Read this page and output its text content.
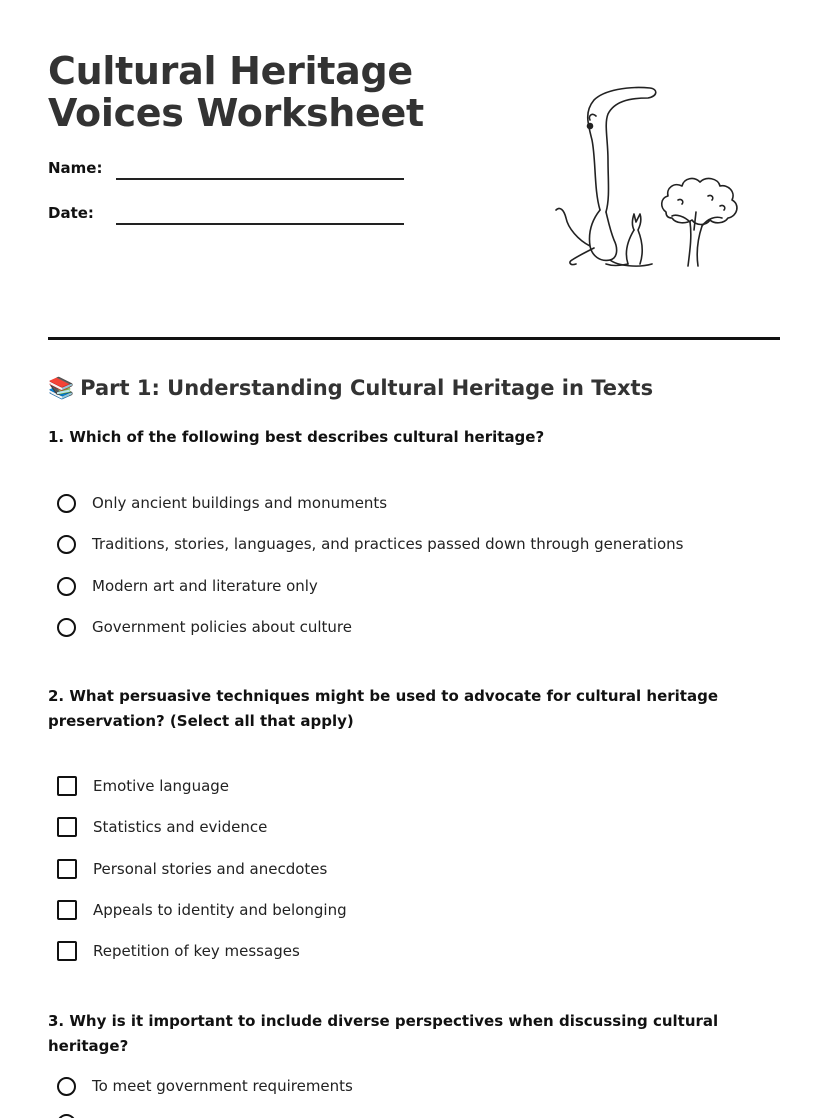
Cultural Heritage Voices Worksheet
Name:
Date:
📚 Part 1: Understanding Cultural Heritage in Texts
1. Which of the following best describes cultural heritage?
Only ancient buildings and monuments
Traditions, stories, languages, and practices passed down through generations
Modern art and literature only
Government policies about culture
2. What persuasive techniques might be used to advocate for cultural heritage preservation? (Select all that apply)
Emotive language
Statistics and evidence
Personal stories and anecdotes
Appeals to identity and belonging
Repetition of key messages
3. Why is it important to include diverse perspectives when discussing cultural heritage?
To meet government requirements
